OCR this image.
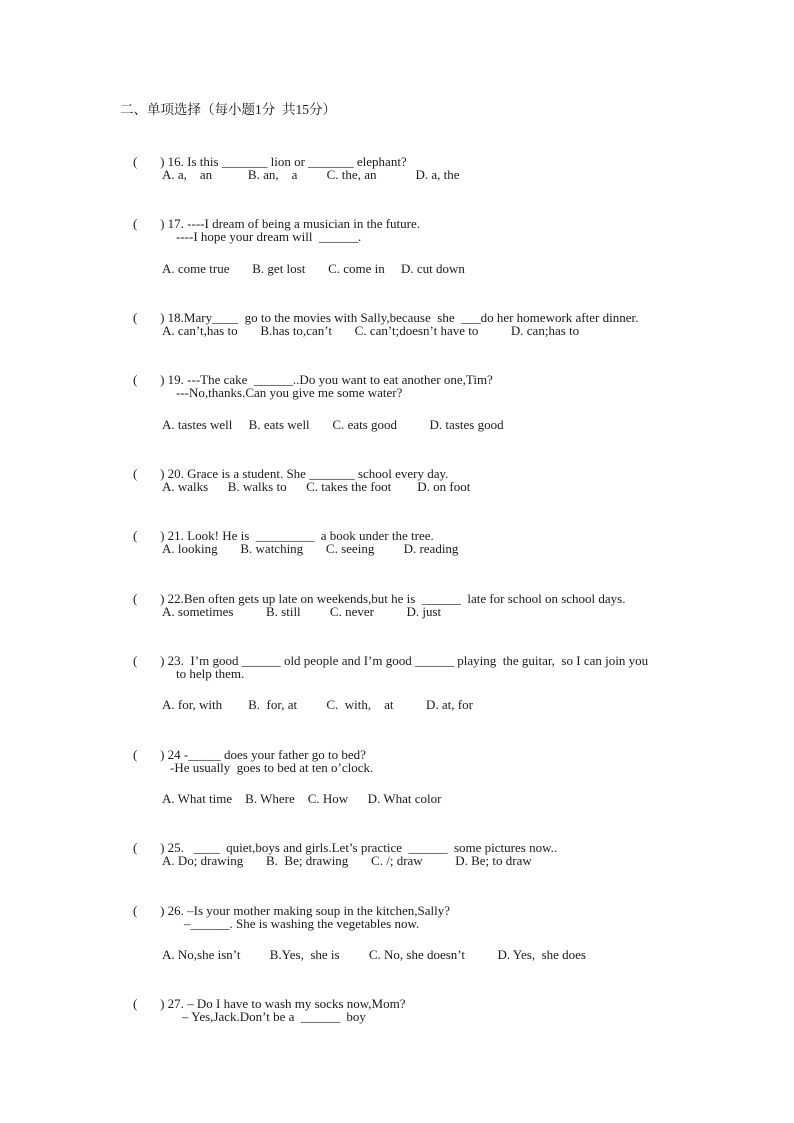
二、单项选择（每小题1分  共15分）

(       ) 16. Is this _______ lion or _______ elephant?

A. a,    an           B. an,    a         C. the, an            D. a, the

(       ) 17. ----I dream of being a musician in the future.

----I hope your dream will  ______.
A. come true       B. get lost       C. come in     D. cut down

(       ) 18.Mary____  go to the movies with Sally,because  she  ___do her homework after dinner.

A. can’t,has to       B.has to,can’t       C. can’t;doesn’t have to          D. can;has to

(       ) 19. ---The cake  ______..Do you want to eat another one,Tim?

---No,thanks.Can you give me some water?
A. tastes well     B. eats well       C. eats good          D. tastes good

(       ) 20. Grace is a student. She _______ school every day.

A. walks      B. walks to      C. takes the foot        D. on foot

(       ) 21. Look! He is  _________  a book under the tree.

A. looking       B. watching       C. seeing         D. reading

(       ) 22.Ben often gets up late on weekends,but he is  ______  late for school on school days.

A. sometimes          B. still         C. never          D. just

(       ) 23.  I’m good ______ old people and I’m good ______ playing  the guitar,  so I can join you

to help them.
A. for, with        B.  for, at         C.  with,    at          D. at, for

(       ) 24 -_____ does your father go to bed?

-He usually  goes to bed at ten o’clock.
A. What time    B. Where    C. How      D. What color

(       ) 25.   ____  quiet,boys and girls.Let’s practice  ______  some pictures now..

A. Do; drawing       B.  Be; drawing       C. /; draw          D. Be; to draw

(       ) 26. –Is your mother making soup in the kitchen,Sally?

–______. She is washing the vegetables now.
A. No,she isn’t         B.Yes,  she is         C. No, she doesn’t          D. Yes,  she does

(       ) 27. – Do I have to wash my socks now,Mom?

– Yes,Jack.Don’t be a  ______  boy
